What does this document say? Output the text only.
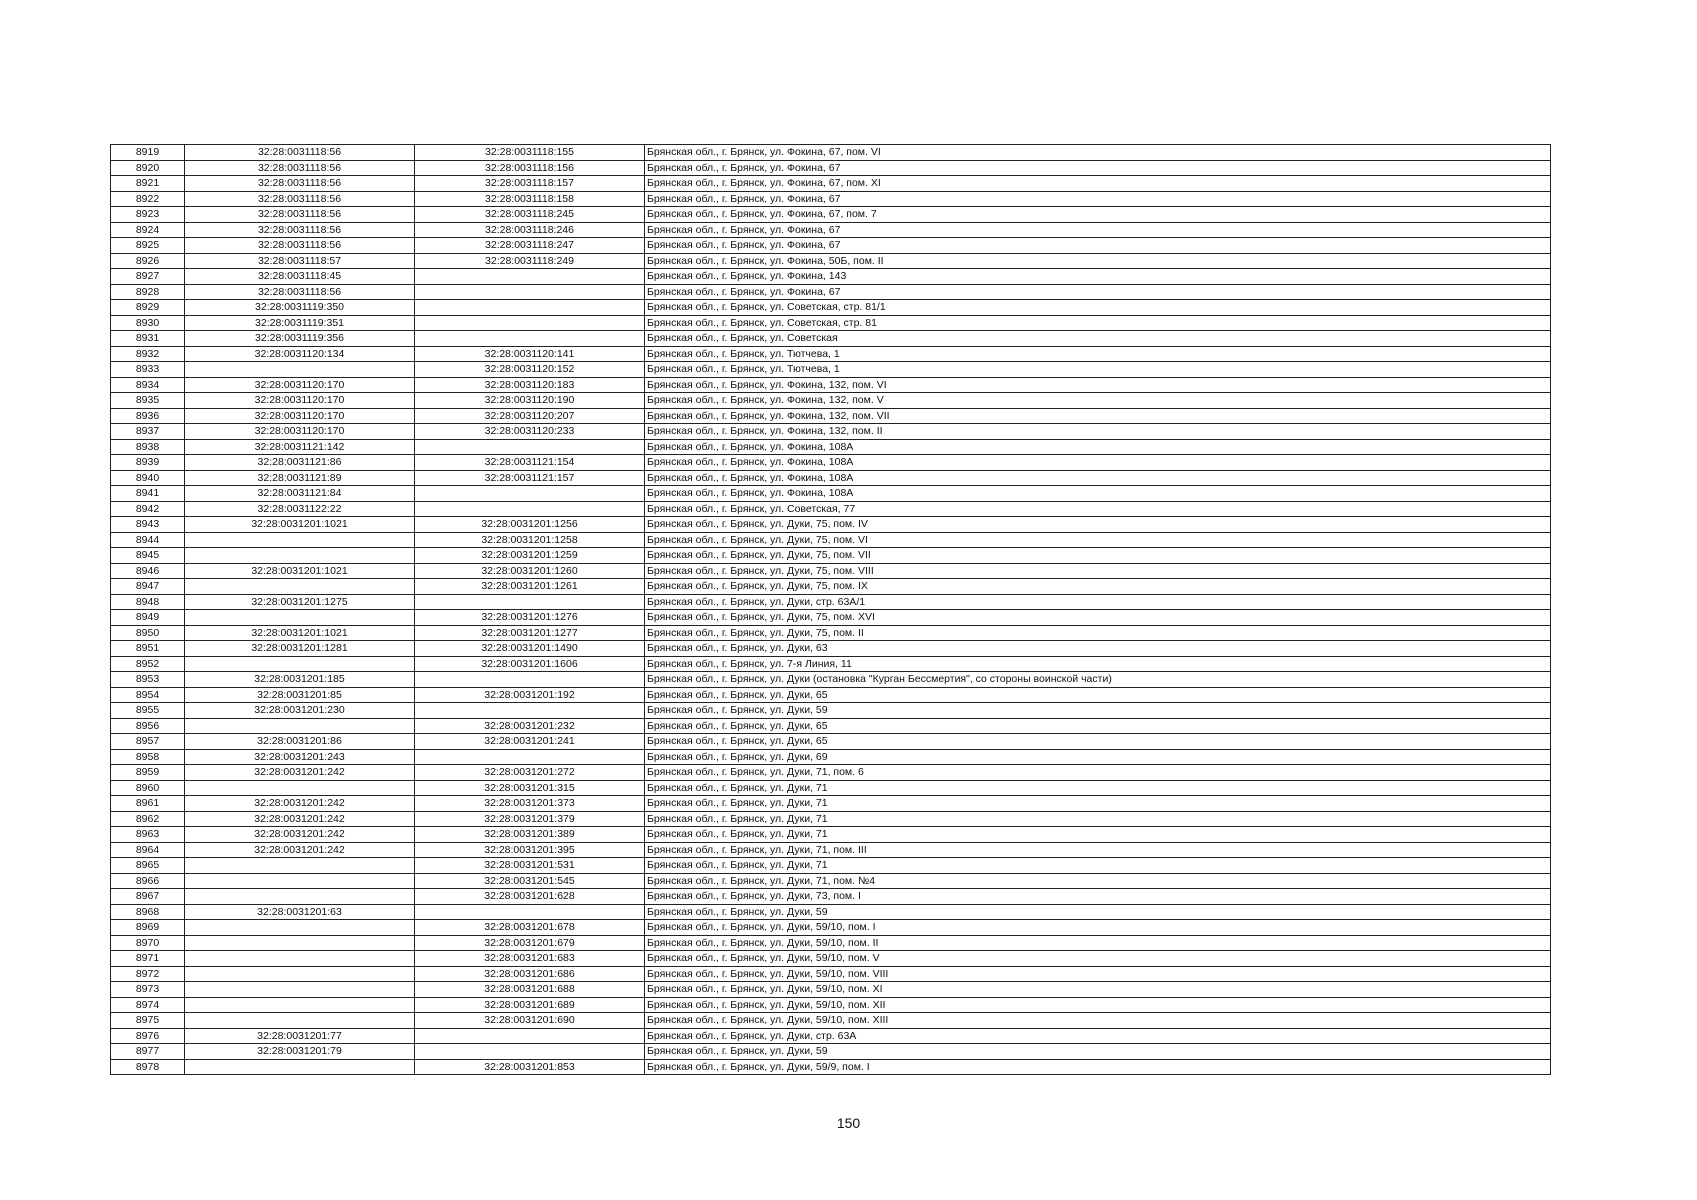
8919	32:28:0031118:56	32:28:0031118:155	Брянская обл., г. Брянск, ул. Фокина, 67, пом. VI
8920	32:28:0031118:56	32:28:0031118:156	Брянская обл., г. Брянск, ул. Фокина, 67
8921	32:28:0031118:56	32:28:0031118:157	Брянская обл., г. Брянск, ул. Фокина, 67, пом. XI
8922	32:28:0031118:56	32:28:0031118:158	Брянская обл., г. Брянск, ул. Фокина, 67
8923	32:28:0031118:56	32:28:0031118:245	Брянская обл., г. Брянск, ул. Фокина, 67, пом. 7
8924	32:28:0031118:56	32:28:0031118:246	Брянская обл., г. Брянск, ул. Фокина, 67
8925	32:28:0031118:56	32:28:0031118:247	Брянская обл., г. Брянск, ул. Фокина, 67
8926	32:28:0031118:57	32:28:0031118:249	Брянская обл., г. Брянск, ул. Фокина, 50Б, пом. II
8927	32:28:0031118:45		Брянская обл., г. Брянск, ул. Фокина, 143
8928	32:28:0031118:56		Брянская обл., г. Брянск, ул. Фокина, 67
8929	32:28:0031119:350		Брянская обл., г. Брянск, ул. Советская, стр. 81/1
8930	32:28:0031119:351		Брянская обл., г. Брянск, ул. Советская, стр. 81
8931	32:28:0031119:356		Брянская обл., г. Брянск, ул. Советская
8932	32:28:0031120:134	32:28:0031120:141	Брянская обл., г. Брянск, ул. Тютчева, 1
8933		32:28:0031120:152	Брянская обл., г. Брянск, ул. Тютчева, 1
8934	32:28:0031120:170	32:28:0031120:183	Брянская обл., г. Брянск, ул. Фокина, 132, пом. VI
8935	32:28:0031120:170	32:28:0031120:190	Брянская обл., г. Брянск, ул. Фокина, 132, пом. V
8936	32:28:0031120:170	32:28:0031120:207	Брянская обл., г. Брянск, ул. Фокина, 132, пом. VII
8937	32:28:0031120:170	32:28:0031120:233	Брянская обл., г. Брянск, ул. Фокина, 132, пом. II
8938	32:28:0031121:142		Брянская обл., г. Брянск, ул. Фокина, 108А
8939	32:28:0031121:86	32:28:0031121:154	Брянская обл., г. Брянск, ул. Фокина, 108А
8940	32:28:0031121:89	32:28:0031121:157	Брянская обл., г. Брянск, ул. Фокина, 108А
8941	32:28:0031121:84		Брянская обл., г. Брянск, ул. Фокина, 108А
8942	32:28:0031122:22		Брянская обл., г. Брянск, ул. Советская, 77
8943	32:28:0031201:1021	32:28:0031201:1256	Брянская обл., г. Брянск, ул. Дуки, 75, пом. IV
8944		32:28:0031201:1258	Брянская обл., г. Брянск, ул. Дуки, 75, пом. VI
8945		32:28:0031201:1259	Брянская обл., г. Брянск, ул. Дуки, 75, пом. VII
8946	32:28:0031201:1021	32:28:0031201:1260	Брянская обл., г. Брянск, ул. Дуки, 75, пом. VIII
8947		32:28:0031201:1261	Брянская обл., г. Брянск, ул. Дуки, 75, пом. IX
8948	32:28:0031201:1275		Брянская обл., г. Брянск, ул. Дуки, стр. 63А/1
8949		32:28:0031201:1276	Брянская обл., г. Брянск, ул. Дуки, 75, пом. XVI
8950	32:28:0031201:1021	32:28:0031201:1277	Брянская обл., г. Брянск, ул. Дуки, 75, пом. II
8951	32:28:0031201:1281	32:28:0031201:1490	Брянская обл., г. Брянск, ул. Дуки, 63
8952		32:28:0031201:1606	Брянская обл., г. Брянск, ул. 7-я Линия, 11
8953	32:28:0031201:185		Брянская обл., г. Брянск, ул. Дуки (остановка "Курган Бессмертия", со стороны воинской части)
8954	32:28:0031201:85	32:28:0031201:192	Брянская обл., г. Брянск, ул. Дуки, 65
8955	32:28:0031201:230		Брянская обл., г. Брянск, ул. Дуки, 59
8956		32:28:0031201:232	Брянская обл., г. Брянск, ул. Дуки, 65
8957	32:28:0031201:86	32:28:0031201:241	Брянская обл., г. Брянск, ул. Дуки, 65
8958	32:28:0031201:243		Брянская обл., г. Брянск, ул. Дуки, 69
8959	32:28:0031201:242	32:28:0031201:272	Брянская обл., г. Брянск, ул. Дуки, 71, пом. 6
8960		32:28:0031201:315	Брянская обл., г. Брянск, ул. Дуки, 71
8961	32:28:0031201:242	32:28:0031201:373	Брянская обл., г. Брянск, ул. Дуки, 71
8962	32:28:0031201:242	32:28:0031201:379	Брянская обл., г. Брянск, ул. Дуки, 71
8963	32:28:0031201:242	32:28:0031201:389	Брянская обл., г. Брянск, ул. Дуки, 71
8964	32:28:0031201:242	32:28:0031201:395	Брянская обл., г. Брянск, ул. Дуки, 71, пом. III
8965		32:28:0031201:531	Брянская обл., г. Брянск, ул. Дуки, 71
8966		32:28:0031201:545	Брянская обл., г. Брянск, ул. Дуки, 71, пом. №4
8967		32:28:0031201:628	Брянская обл., г. Брянск, ул. Дуки, 73, пом. I
8968	32:28:0031201:63		Брянская обл., г. Брянск, ул. Дуки, 59
8969		32:28:0031201:678	Брянская обл., г. Брянск, ул. Дуки, 59/10, пом. I
8970		32:28:0031201:679	Брянская обл., г. Брянск, ул. Дуки, 59/10, пом. II
8971		32:28:0031201:683	Брянская обл., г. Брянск, ул. Дуки, 59/10, пом. V
8972		32:28:0031201:686	Брянская обл., г. Брянск, ул. Дуки, 59/10, пом. VIII
8973		32:28:0031201:688	Брянская обл., г. Брянск, ул. Дуки, 59/10, пом. XI
8974		32:28:0031201:689	Брянская обл., г. Брянск, ул. Дуки, 59/10, пом. XII
8975		32:28:0031201:690	Брянская обл., г. Брянск, ул. Дуки, 59/10, пом. XIII
8976	32:28:0031201:77		Брянская обл., г. Брянск, ул. Дуки, стр. 63А
8977	32:28:0031201:79		Брянская обл., г. Брянск, ул. Дуки, 59
8978		32:28:0031201:853	Брянская обл., г. Брянск, ул. Дуки, 59/9, пом. I
150
